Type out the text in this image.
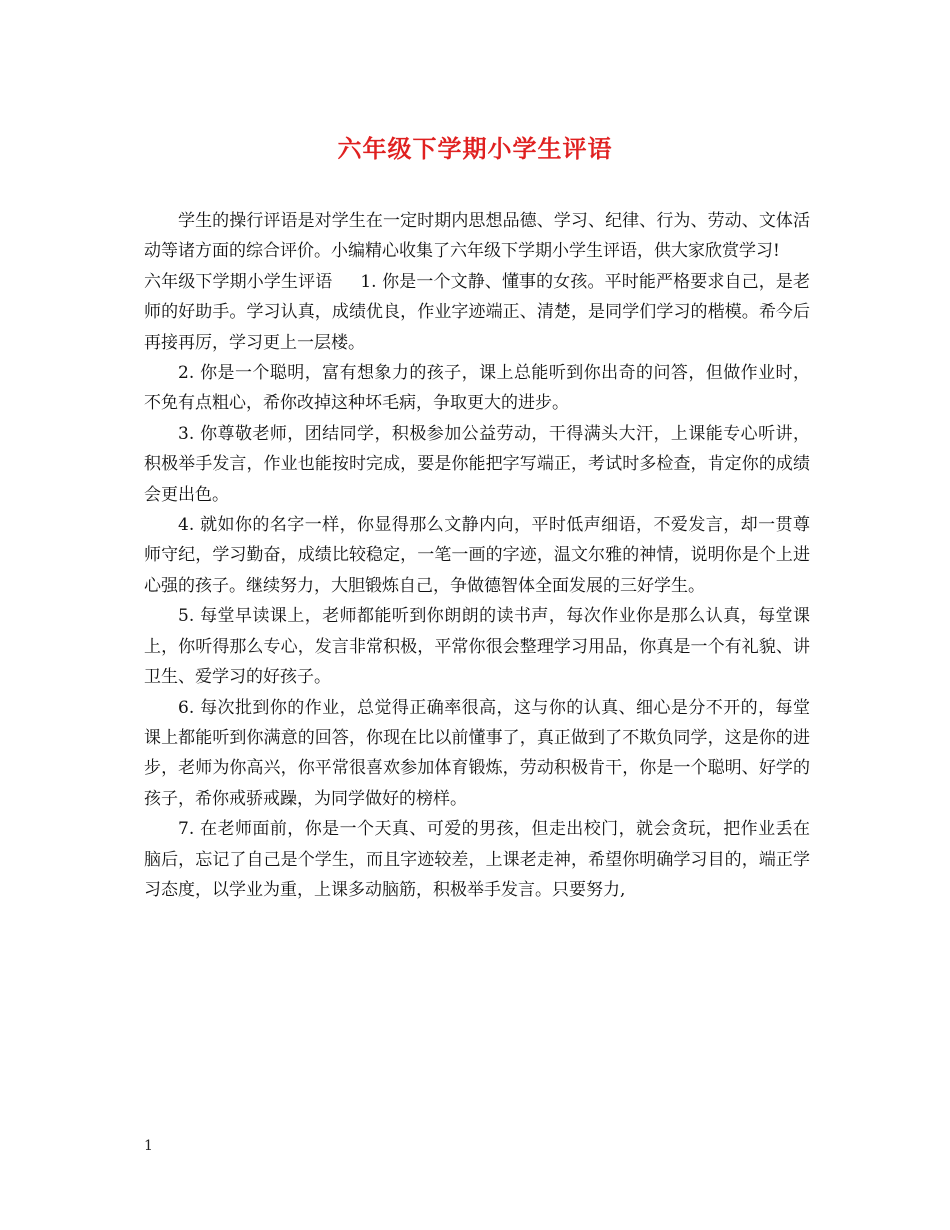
六年级下学期小学生评语

学生的操行评语是对学生在一定时期内思想品德、学习、纪律、行为、劳动、文体活动等诸方面的综合评价。小编精心收集了六年级下学期小学生评语，供大家欣赏学习!

六年级下学期小学生评语 1. 你是一个文静、懂事的女孩。平时能严格要求自己，是老师的好助手。学习认真，成绩优良，作业字迹端正、清楚，是同学们学习的楷模。希今后再接再厉，学习更上一层楼。

2. 你是一个聪明，富有想象力的孩子，课上总能听到你出奇的问答，但做作业时，不免有点粗心，希你改掉这种坏毛病，争取更大的进步。

3. 你尊敬老师，团结同学，积极参加公益劳动，干得满头大汗，上课能专心听讲，积极举手发言，作业也能按时完成，要是你能把字写端正，考试时多检查，肯定你的成绩会更出色。

4. 就如你的名字一样，你显得那么文静内向，平时低声细语，不爱发言，却一贯尊师守纪，学习勤奋，成绩比较稳定，一笔一画的字迹，温文尔雅的神情，说明你是个上进心强的孩子。继续努力，大胆锻炼自己，争做德智体全面发展的三好学生。

5. 每堂早读课上，老师都能听到你朗朗的读书声，每次作业你是那么认真，每堂课上，你听得那么专心，发言非常积极，平常你很会整理学习用品，你真是一个有礼貌、讲卫生、爱学习的好孩子。

6. 每次批到你的作业，总觉得正确率很高，这与你的认真、细心是分不开的，每堂课上都能听到你满意的回答，你现在比以前懂事了，真正做到了不欺负同学，这是你的进步，老师为你高兴，你平常很喜欢参加体育锻炼，劳动积极肯干，你是一个聪明、好学的孩子，希你戒骄戒躁，为同学做好的榜样。

7. 在老师面前，你是一个天真、可爱的男孩，但走出校门，就会贪玩，把作业丢在脑后，忘记了自己是个学生，而且字迹较差，上课老走神，希望你明确学习目的，端正学习态度，以学业为重，上课多动脑筋，积极举手发言。只要努力,

1
